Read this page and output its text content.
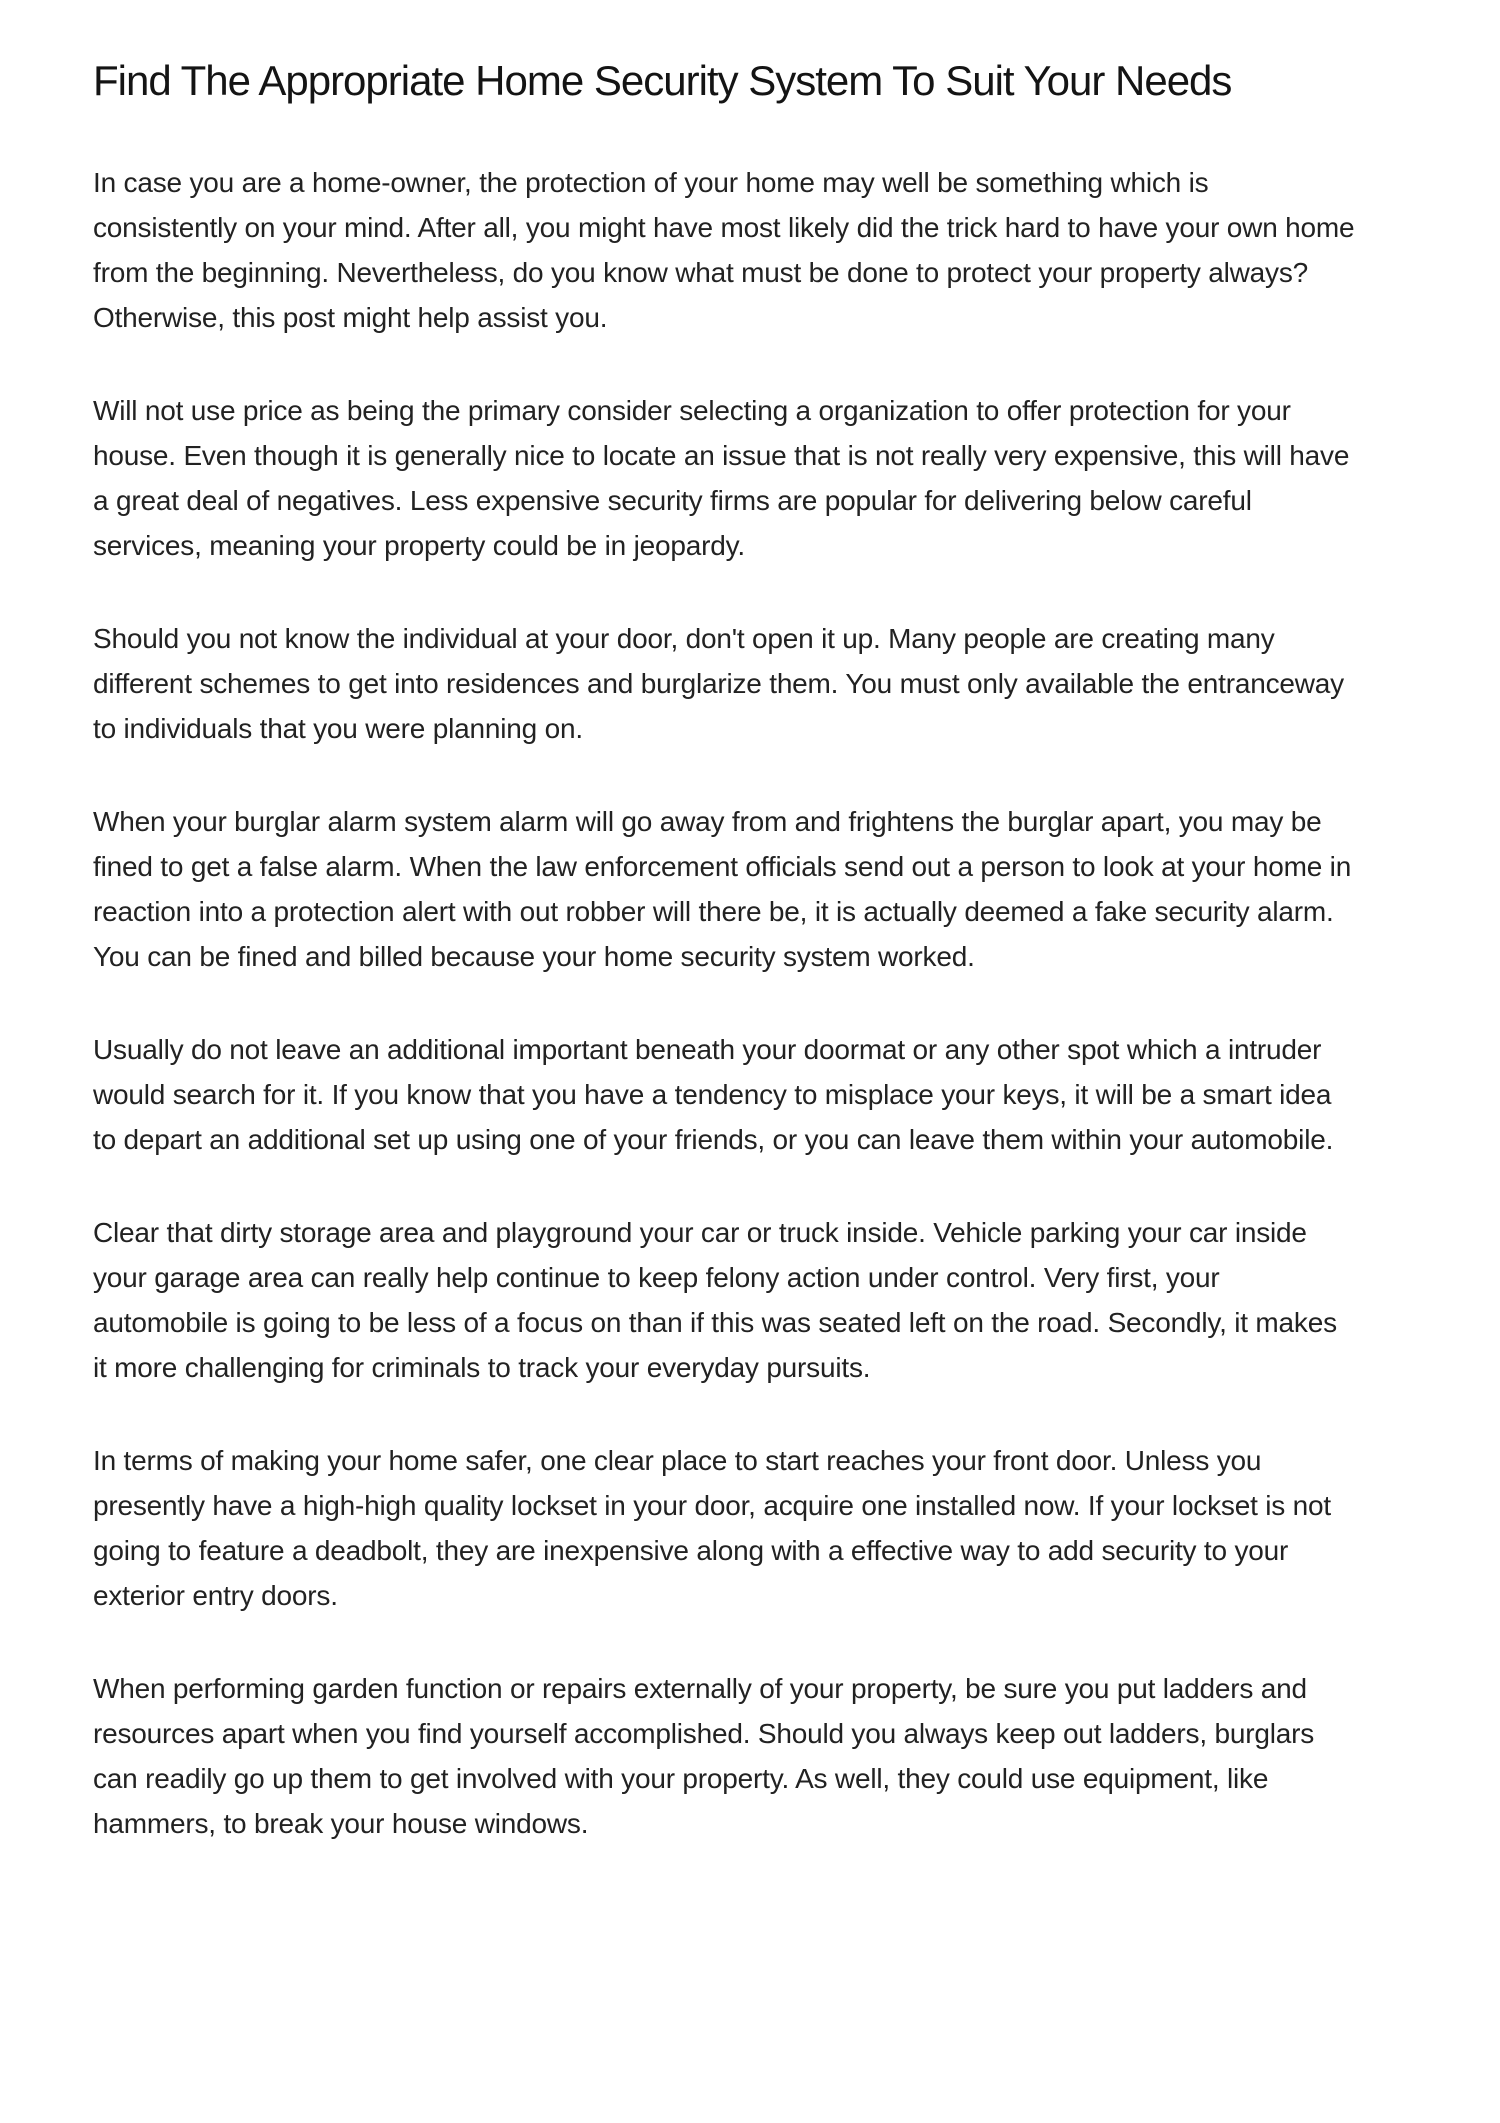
Find The Appropriate Home Security System To Suit Your Needs

In case you are a home-owner, the protection of your home may well be something which is consistently on your mind. After all, you might have most likely did the trick hard to have your own home from the beginning. Nevertheless, do you know what must be done to protect your property always? Otherwise, this post might help assist you.

Will not use price as being the primary consider selecting a organization to offer protection for your house. Even though it is generally nice to locate an issue that is not really very expensive, this will have a great deal of negatives. Less expensive security firms are popular for delivering below careful services, meaning your property could be in jeopardy.

Should you not know the individual at your door, don't open it up. Many people are creating many different schemes to get into residences and burglarize them. You must only available the entranceway to individuals that you were planning on.

When your burglar alarm system alarm will go away from and frightens the burglar apart, you may be fined to get a false alarm. When the law enforcement officials send out a person to look at your home in reaction into a protection alert with out robber will there be, it is actually deemed a fake security alarm. You can be fined and billed because your home security system worked.

Usually do not leave an additional important beneath your doormat or any other spot which a intruder would search for it. If you know that you have a tendency to misplace your keys, it will be a smart idea to depart an additional set up using one of your friends, or you can leave them within your automobile.

Clear that dirty storage area and playground your car or truck inside. Vehicle parking your car inside your garage area can really help continue to keep felony action under control. Very first, your automobile is going to be less of a focus on than if this was seated left on the road. Secondly, it makes it more challenging for criminals to track your everyday pursuits.

In terms of making your home safer, one clear place to start reaches your front door. Unless you presently have a high-high quality lockset in your door, acquire one installed now. If your lockset is not going to feature a deadbolt, they are inexpensive along with a effective way to add security to your exterior entry doors.

When performing garden function or repairs externally of your property, be sure you put ladders and resources apart when you find yourself accomplished. Should you always keep out ladders, burglars can readily go up them to get involved with your property. As well, they could use equipment, like hammers, to break your house windows.
